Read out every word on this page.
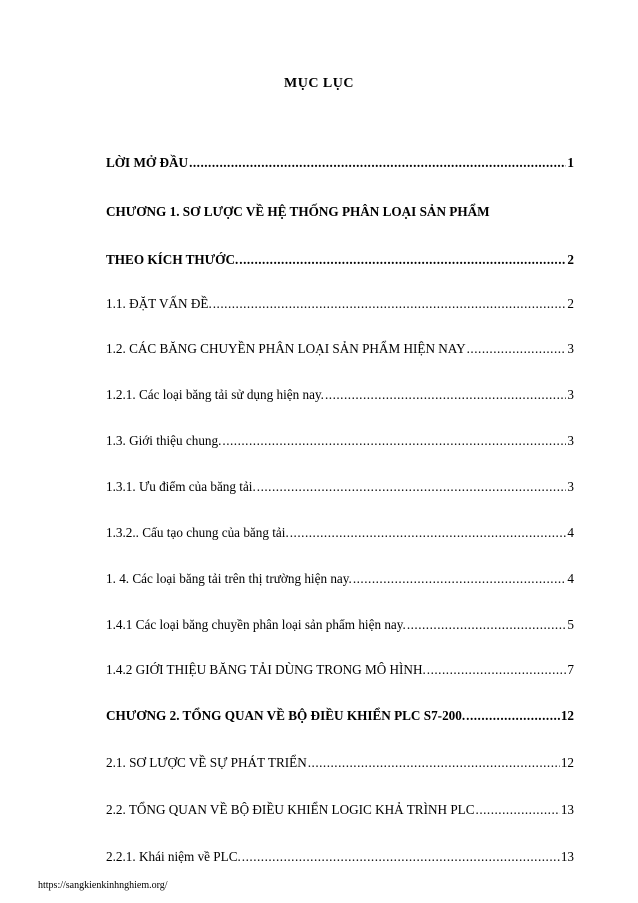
MỤC LỤC
LỜI MỞ ĐẦU .....	1
CHƯƠNG 1. SƠ LƯỢC VỀ HỆ THỐNG PHÂN LOẠI SẢN PHẨM
THEO KÍCH THƯỚC. .....	2
1.1. ĐẶT VẤN ĐỀ. .....	2
1.2. CÁC BĂNG CHUYỀN PHÂN LOẠI SẢN PHẨM HIỆN NAY .....	3
1.2.1. Các loại băng tải sử dụng hiện nay. .....	3
1.3. Giới thiệu chung. .....	3
1.3.1. Ưu điểm của băng tải. .....	3
1.3.2.. Cấu tạo chung của băng tải. .....	4
1. 4. Các loại băng tải trên thị trường hiện nay. .....	4
1.4.1 Các loại băng chuyền phân loại sản phẩm hiện nay. .....	5
1.4.2 GIỚI THIỆU BĂNG TẢI DÙNG TRONG MÔ HÌNH. .....	7
CHƯƠNG 2. TỔNG QUAN VỀ BỘ ĐIỀU KHIỂN PLC S7-200. .....	12
2.1. SƠ LƯỢC VỀ SỰ PHÁT TRIỂN .....	12
2.2. TỔNG QUAN VỀ BỘ ĐIỀU KHIỂN LOGIC KHẢ TRÌNH PLC .....	13
2.2.1. Khái niệm về PLC. .....	13
https://sangkienkinhnghiem.org/
